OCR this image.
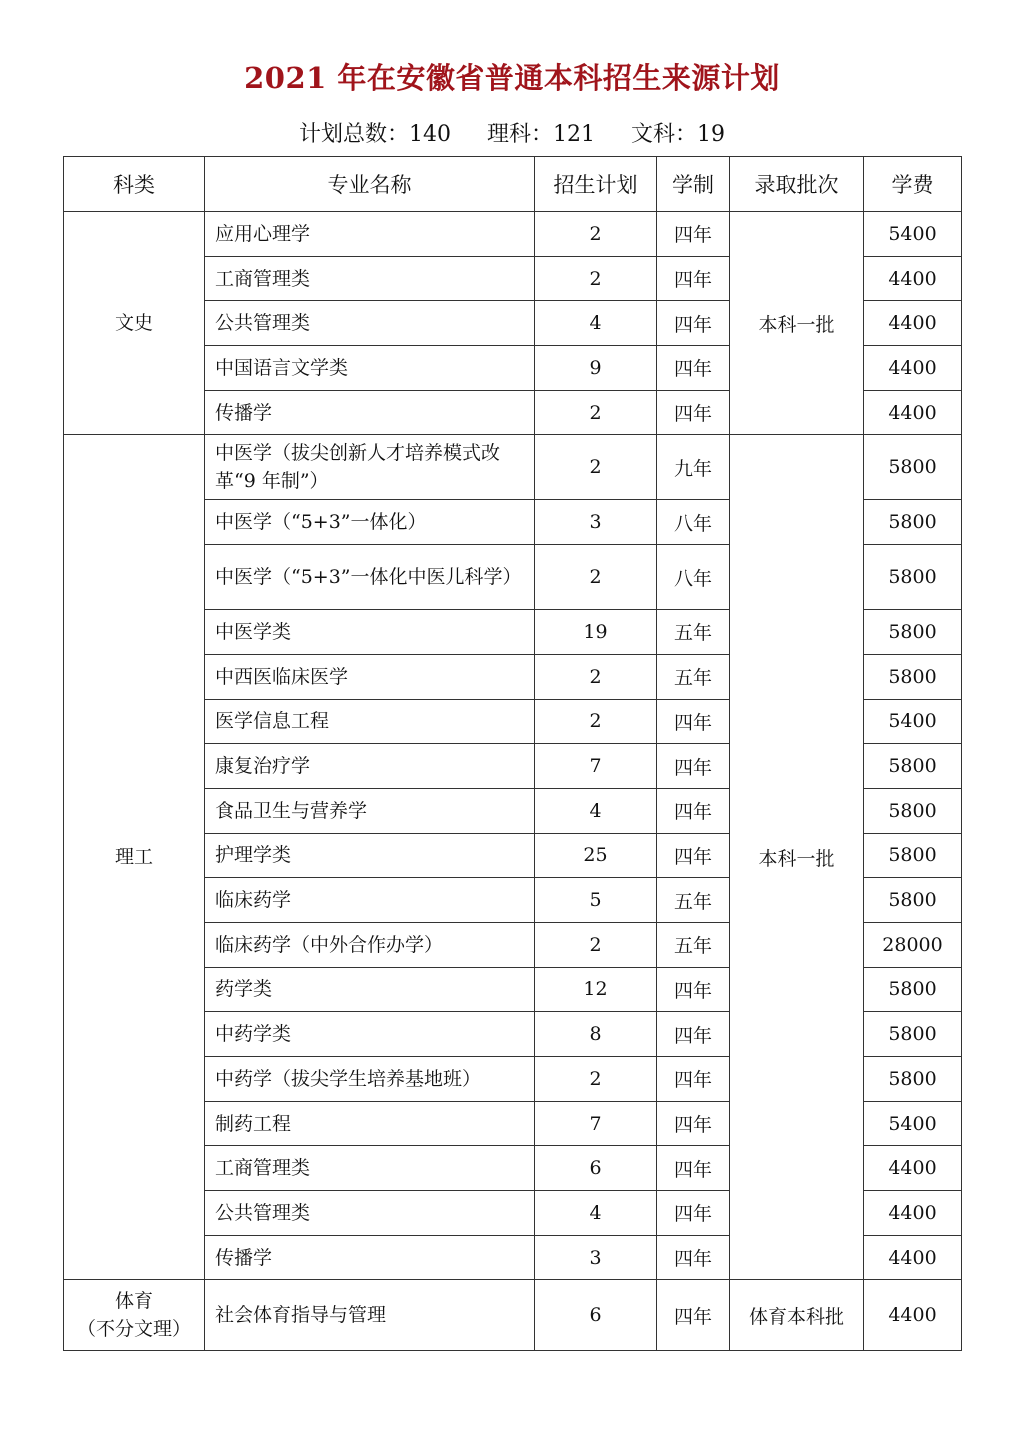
2021 年在安徽省普通本科招生来源计划
计划总数：140 理科：121 文科：19
科类	专业名称	招生计划	学制	录取批次	学费

文史	应用心理学	2	四年	本科一批	5400
	工商管理类	2	四年		4400
	公共管理类	4	四年		4400
	中国语言文学类	9	四年		4400
	传播学	2	四年		4400

理工	中医学（拔尖创新人才培养模式改革“9 年制”）	2	九年	本科一批	5800
	中医学（“5+3”一体化）	3	八年		5800
	中医学（“5+3”一体化中医儿科学）	2	八年		5800
	中医学类	19	五年		5800
	中西医临床医学	2	五年		5800
	医学信息工程	2	四年		5400
	康复治疗学	7	四年		5800
	食品卫生与营养学	4	四年		5800
	护理学类	25	四年		5800
	临床药学	5	五年		5800
	临床药学（中外合作办学）	2	五年		28000
	药学类	12	四年		5800
	中药学类	8	四年		5800
	中药学（拔尖学生培养基地班）	2	四年		5800
	制药工程	7	四年		5400
	工商管理类	6	四年		4400
	公共管理类	4	四年		4400
	传播学	3	四年		4400

体育
（不分文理）	社会体育指导与管理	6	四年	体育本科批	4400
